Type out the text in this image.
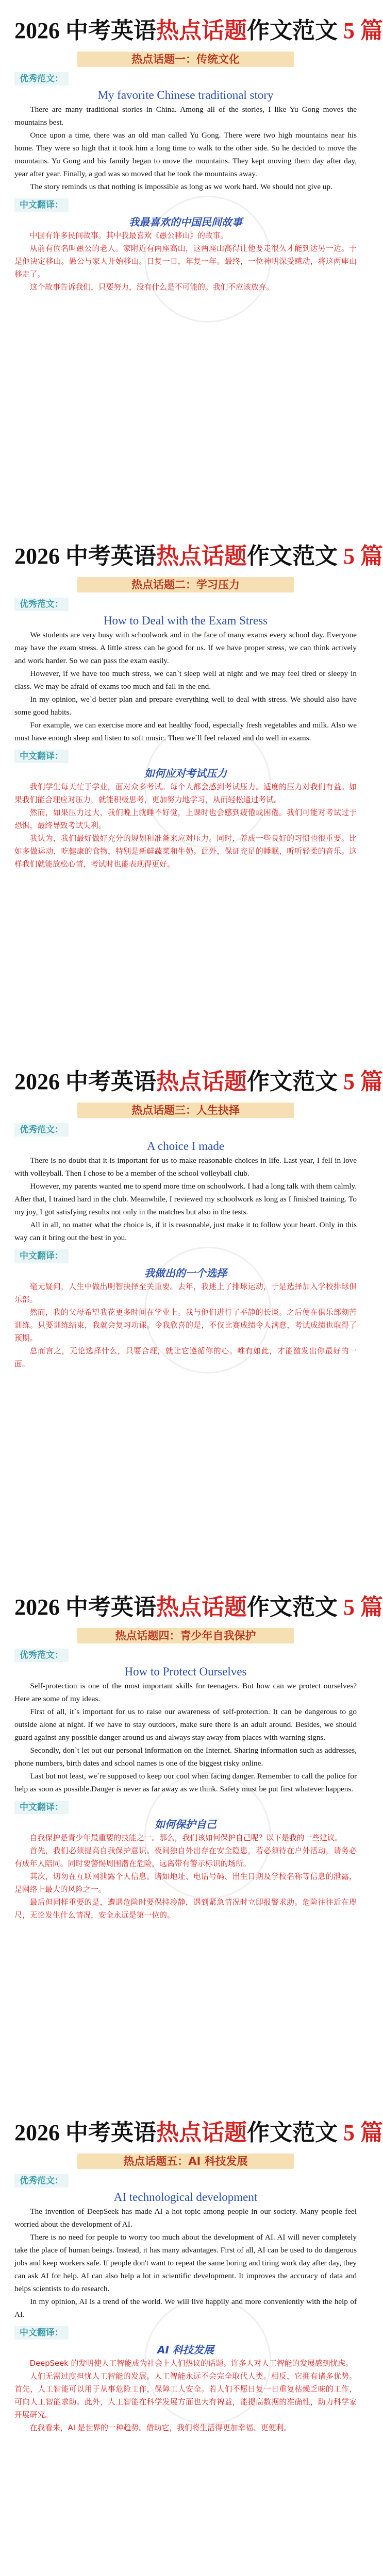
2026 中考英语热点话题作文范文 5 篇
热点话题一：传统文化
优秀范文：
My favorite Chinese traditional story

There are many traditional stories in China. Among all of the stories, I like Yu Gong moves the mountains best.

Once upon a time, there was an old man called Yu Gong. There were two high mountains near his home. They were so high that it took him a long time to walk to the other side. So he decided to move the mountains. Yu Gong and his family began to move the mountains. They kept moving them day after day, year after year. Finally, a god was so moved that he took the mountains away.

The story reminds us that nothing is impossible as long as we work hard. We should not give up.

中文翻译：
我最喜欢的中国民间故事

中国有许多民间故事。其中我最喜欢《愚公移山》的故事。

从前有位名叫愚公的老人。家附近有两座高山，这两座山高得让他要走很久才能到达另一边。于是他决定移山。愚公与家人开始移山。日复一日，年复一年。最终，一位神明深受感动，将这两座山移走了。

这个故事告诉我们，只要努力，没有什么是不可能的。我们不应该放弃。

2026 中考英语热点话题作文范文 5 篇
热点话题二：学习压力
优秀范文：
How to Deal with the Exam Stress

We students are very busy with schoolwork and in the face of many exams every school day. Everyone may have the exam stress. A little stress can be good for us. If we have proper stress, we can think actively and work harder. So we can pass the exam easily.

However, if we have too much stress, we can`t sleep well at night and we may feel tired or sleepy in class. We may be afraid of exams too much and fail in the end.

In my opinion, we`d better plan and prepare everything well to deal with stress. We should also have some good habits.

For example, we can exercise more and eat healthy food, especially fresh vegetables and milk. Also we must have enough sleep and listen to soft music. Then we`ll feel relaxed and do well in exams.

中文翻译：
如何应对考试压力

我们学生每天忙于学业，面对众多考试。每个人都会感到考试压力。适度的压力对我们有益。如果我们能合理应对压力，就能积极思考，更加努力地学习，从而轻松通过考试。

然而，如果压力过大，我们晚上就睡不好觉，上课时也会感到疲倦或困倦。我们可能对考试过于恐惧，最终导致考试失利。

我认为，我们最好做好充分的规划和准备来应对压力。同时，养成一些良好的习惯也很重要。比如多做运动，吃健康的食物，特别是新鲜蔬菜和牛奶。此外，保证充足的睡眠，听听轻柔的音乐。这样我们就能放松心情，考试时也能表现得更好。

2026 中考英语热点话题作文范文 5 篇
热点话题三：人生抉择
优秀范文：
A choice I made

There is no doubt that it is important for us to make reasonable choices in life. Last year, I fell in love with volleyball. Then I chose to be a member of the school volleyball club.

However, my parents wanted me to spend more time on schoolwork. I had a long talk with them calmly. After that, I trained hard in the club. Meanwhile, I reviewed my schoolwork as long as I finished training. To my joy, I got satisfying results not only in the matches but also in the tests.

All in all, no matter what the choice is, if it is reasonable, just make it to follow your heart. Only in this way can it bring out the best in you.

中文翻译：
我做出的一个选择

毫无疑问，人生中做出明智抉择至关重要。去年，我迷上了排球运动，于是选择加入学校排球俱乐部。

然而，我的父母希望我花更多时间在学业上。我与他们进行了平静的长谈。之后便在俱乐部刻苦训练。只要训练结束，我就会复习功课。令我欣喜的是，不仅比赛成绩令人满意，考试成绩也取得了预期。

总而言之，无论选择什么，只要合理，就让它遵循你的心。唯有如此，才能激发出你最好的一面。

2026 中考英语热点话题作文范文 5 篇
热点话题四：青少年自我保护
优秀范文：
How to Protect Ourselves

Self-protection is one of the most important skills for teenagers. But how can we protect ourselves? Here are some of my ideas.

First of all, it`s important for us to raise our awareness of self-protection. It can be dangerous to go outside alone at night. If we have to stay outdoors, make sure there is an adult around. Besides, we should guard against any possible danger around us and always stay away from places with warning signs.

Secondly, don`t let out our personal information on the Internet. Sharing information such as addresses, phone numbers, birth dates and school names is one of the biggest risky online.

Last but not least, we`re supposed to keep our cool when facing danger. Remember to call the police for help as soon as possible.Danger is never as far away as we think. Safety must be put first whatever happens.

中文翻译：
如何保护自己

自我保护是青少年最重要的技能之一。那么，我们该如何保护自己呢？以下是我的一些建议。

首先，我们必须提高自我保护意识。夜间独自外出存在安全隐患，若必须待在户外活动，请务必有成年人陪同。同时要警惕周围潜在危险，远离带有警示标识的场所。

其次，切勿在互联网泄露个人信息。诸如地址、电话号码、出生日期及学校名称等信息的泄露，是网络上最大的风险之一。

最后但同样重要的是，遭遇危险时要保持冷静，遇到紧急情况时立即报警求助。危险往往近在咫尺，无论发生什么情况，安全永远是第一位的。

2026 中考英语热点话题作文范文 5 篇
热点话题五：AI 科技发展
优秀范文：
AI technological development

The invention of DeepSeek has made AI a hot topic among people in our society. Many people feel worried about the development of AI.

There is no need for people to worry too much about the development of AI. AI will never completely take the place of human beings. Instead, it has many advantages. First of all, AI can be used to do dangerous jobs and keep workers safe. If people don't want to repeat the same boring and tiring work day after day, they can ask AI for help. AI can also help a lot in scientific development. It improves the accuracy of data and helps scientists to do research.

In my opinion, AI is a trend of the world. We will live happily and more conveniently with the help of AI.

中文翻译：
AI 科技发展

DeepSeek 的发明使人工智能成为社会上人们热议的话题。许多人对人工智能的发展感到忧虑。

人们无需过度担忧人工智能的发展。人工智能永远不会完全取代人类。相反，它拥有诸多优势。首先，人工智能可以用于从事危险工作，保障工人安全。若人们不愿日复一日重复枯燥乏味的工作，可向人工智能求助。此外，人工智能在科学发展方面也大有裨益，能提高数据的准确性，助力科学家开展研究。

在我看来，AI 是世界的一种趋势。借助它，我们将生活得更加幸福、更便利。
